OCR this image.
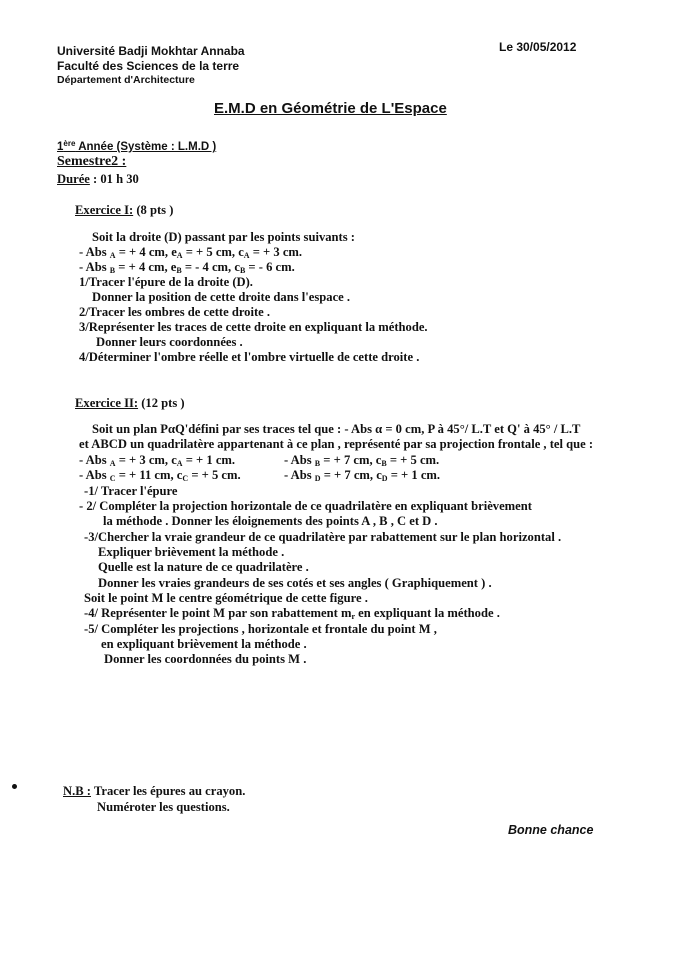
Université Badji Mokhtar Annaba
Faculté des Sciences de la terre
Département d'Architecture
Le 30/05/2012
E.M.D en Géométrie de L'Espace
1ère Année (Système : L.M.D )
Semestre2 :
Durée : 01 h 30
Exercice I: (8 pts )
Soit la droite (D) passant par les points suivants :
- Abs $_A$ = + 4 cm, $e_A$ = + 5 cm, $c_A$ = + 3 cm.
- Abs $_B$ = + 4 cm, $e_B$ = - 4 cm, $c_B$ = - 6 cm.
1/Tracer l'épure de la droite (D).
Donner la position de cette droite dans l'espace .
2/Tracer les ombres de cette droite .
3/Représenter les traces de cette droite en expliquant la méthode.
Donner leurs coordonnées .
4/Déterminer l'ombre réelle et l'ombre virtuelle de cette droite .
Exercice II: (12 pts )
Soit un plan PαQ'défini par ses traces tel que : - Abs α = 0 cm, P à 45°/ L.T et Q' à 45° / L.T
et ABCD un quadrilatère appartenant à ce plan , représenté par sa projection frontale , tel que :
- Abs $_A$ = + 3 cm, $c_A$ = + 1 cm.	- Abs $_B$ = + 7 cm, $c_B$ = + 5 cm.
- Abs $_C$ = + 11 cm, $c_C$ = + 5 cm.	- Abs $_D$ = + 7 cm, $c_D$ = + 1 cm.
-1/ Tracer l'épure
- 2/ Compléter la projection horizontale de ce quadrilatère en expliquant brièvement
la méthode . Donner les éloignements des points A , B , C et D .
-3/Chercher la vraie grandeur de ce quadrilatère par rabattement sur le plan horizontal .
Expliquer brièvement la méthode .
Quelle est la nature de ce quadrilatère .
Donner les vraies grandeurs de ses cotés et ses angles ( Graphiquement ) .
Soit le point M le centre géométrique de cette figure .
-4/ Représenter le point M par son rabattement $m_r$ en expliquant la méthode .
-5/ Compléter les projections , horizontale et frontale du point M ,
en expliquant brièvement la méthode .
Donner les coordonnées du points M .
N.B : Tracer les épures au crayon.
Numéroter les questions.
Bonne chance
